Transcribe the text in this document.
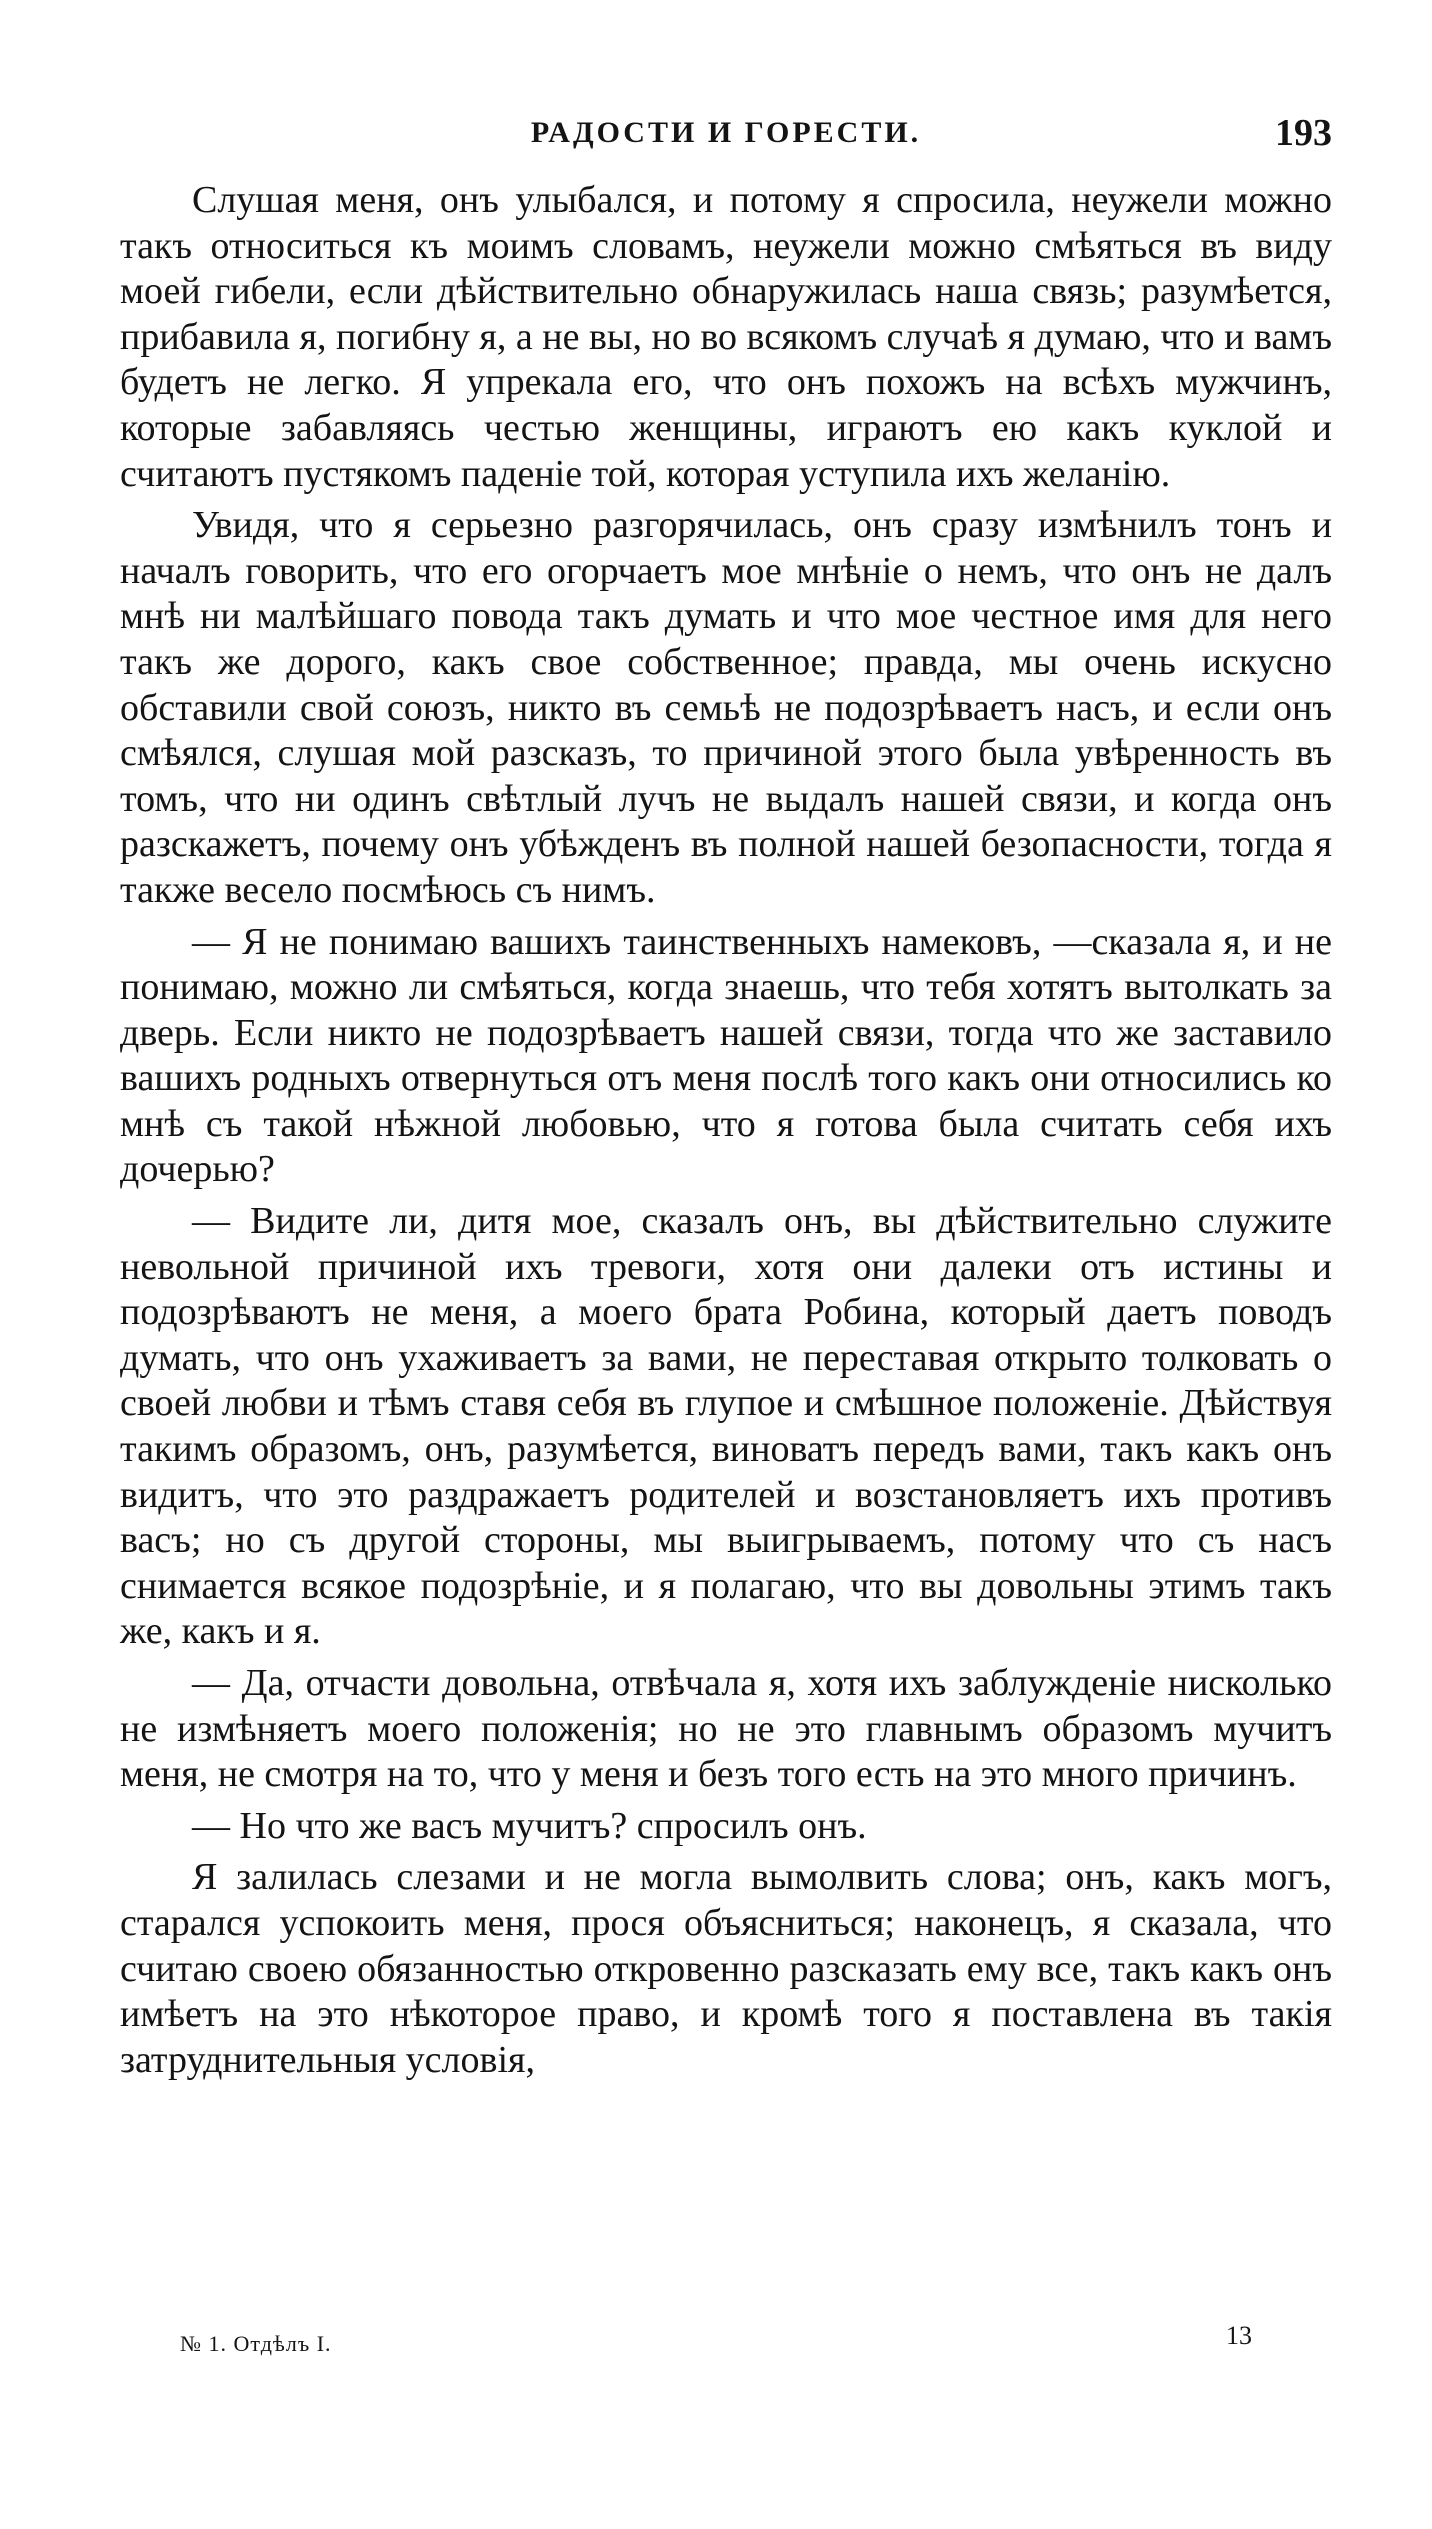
РАДОСТИ И ГОРЕСТИ.	193

Слушая меня, онъ улыбался, и потому я спросила, неужели можно такъ относиться къ моимъ словамъ, неужели можно смѣяться въ виду моей гибели, если дѣйствительно обнаружилась наша связь; разумѣется, прибавила я, погибну я, а не вы, но во всякомъ случаѣ я думаю, что и вамъ будетъ не легко. Я упрекала его, что онъ похожъ на всѣхъ мужчинъ, которые забавляясь честью женщины, играютъ ею какъ куклой и считаютъ пустякомъ паденіе той, которая уступила ихъ желанію.

Увидя, что я серьезно разгорячилась, онъ сразу измѣнилъ тонъ и началъ говорить, что его огорчаетъ мое мнѣніе о немъ, что онъ не далъ мнѣ ни малѣйшаго повода такъ думать и что мое честное имя для него такъ же дорого, какъ свое собственное; правда, мы очень искусно обставили свой союзъ, никто въ семьѣ не подозрѣваетъ насъ, и если онъ смѣялся, слушая мой разсказъ, то причиной этого была увѣренность въ томъ, что ни одинъ свѣтлый лучъ не выдалъ нашей связи, и когда онъ разскажетъ, почему онъ убѣжденъ въ полной нашей безопасности, тогда я также весело посмѣюсь съ нимъ.

— Я не понимаю вашихъ таинственныхъ намековъ, —сказала я, и не понимаю, можно ли смѣяться, когда знаешь, что тебя хотятъ вытолкать за дверь. Если никто не подозрѣваетъ нашей связи, тогда что же заставило вашихъ родныхъ отвернуться отъ меня послѣ того какъ они относились ко мнѣ съ такой нѣжной любовью, что я готова была считать себя ихъ дочерью?

— Видите ли, дитя мое, сказалъ онъ, вы дѣйствительно служите невольной причиной ихъ тревоги, хотя они далеки отъ истины и подозрѣваютъ не меня, а моего брата Робина, который даетъ поводъ думать, что онъ ухаживаетъ за вами, не переставая открыто толковать о своей любви и тѣмъ ставя себя въ глупое и смѣшное положеніе. Дѣйствуя такимъ образомъ, онъ, разумѣется, виноватъ передъ вами, такъ какъ онъ видитъ, что это раздражаетъ родителей и возстановляетъ ихъ противъ васъ; но съ другой стороны, мы выигрываемъ, потому что съ насъ снимается всякое подозрѣніе, и я полагаю, что вы довольны этимъ такъ же, какъ и я.

— Да, отчасти довольна, отвѣчала я, хотя ихъ заблужденіе нисколько не измѣняетъ моего положенія; но не это главнымъ образомъ мучитъ меня, не смотря на то, что у меня и безъ того есть на это много причинъ.

— Но что же васъ мучитъ? спросилъ онъ.

Я залилась слезами и не могла вымолвить слова; онъ, какъ могъ, старался успокоить меня, прося объясниться; наконецъ, я сказала, что считаю своею обязанностью откровенно разсказать ему все, такъ какъ онъ имѣетъ на это нѣкоторое право, и кромѣ того я поставлена въ такія затруднительныя условія,

№ 1. Отдѣлъ I.	13
